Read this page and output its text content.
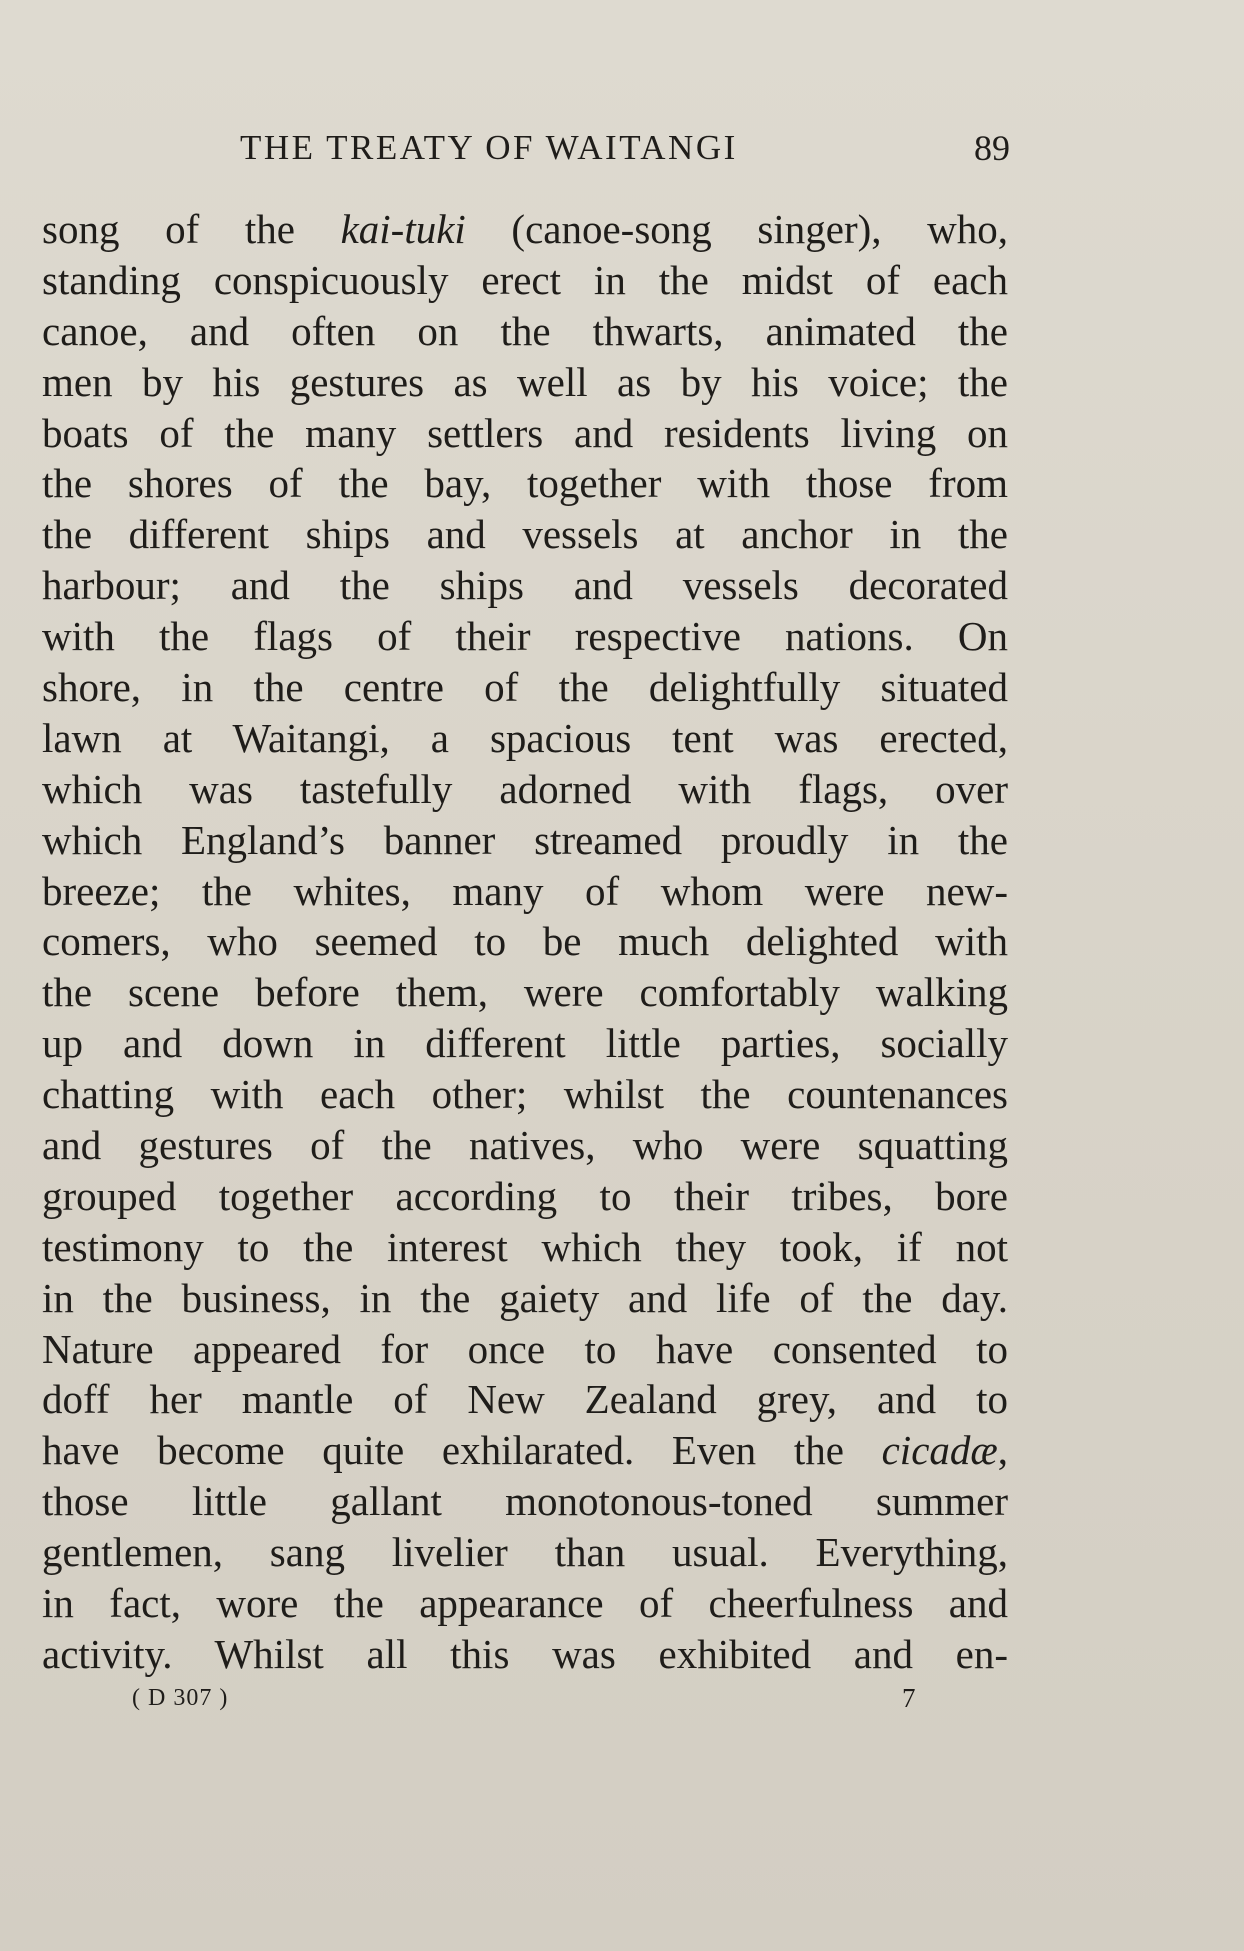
THE TREATY OF WAITANGI	89
song of the kai-tuki (canoe-song singer), who,
standing conspicuously erect in the midst of each
canoe, and often on the thwarts, animated the
men by his gestures as well as by his voice; the
boats of the many settlers and residents living on
the shores of the bay, together with those from
the different ships and vessels at anchor in the
harbour; and the ships and vessels decorated
with the flags of their respective nations. On
shore, in the centre of the delightfully situated
lawn at Waitangi, a spacious tent was erected,
which was tastefully adorned with flags, over
which England’s banner streamed proudly in the
breeze; the whites, many of whom were new-
comers, who seemed to be much delighted with
the scene before them, were comfortably walking
up and down in different little parties, socially
chatting with each other; whilst the countenances
and gestures of the natives, who were squatting
grouped together according to their tribes, bore
testimony to the interest which they took, if not
in the business, in the gaiety and life of the day.
Nature appeared for once to have consented to
doff her mantle of New Zealand grey, and to
have become quite exhilarated. Even the cicadæ,
those little gallant monotonous-toned summer
gentlemen, sang livelier than usual. Everything,
in fact, wore the appearance of cheerfulness and
activity. Whilst all this was exhibited and en-
( D 307 )	7
